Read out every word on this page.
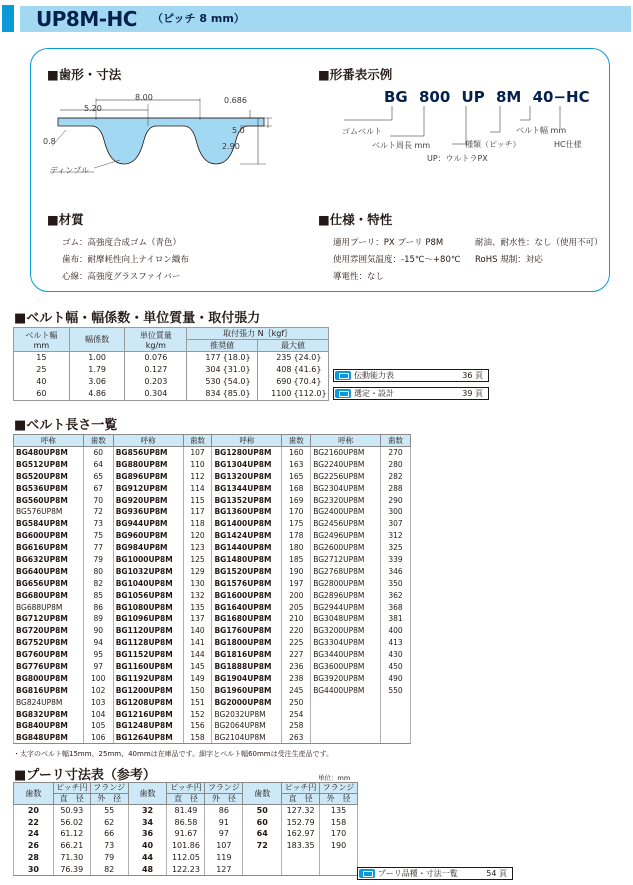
UP8M-HC （ピッチ 8 mm）
■歯形・寸法
8.00
5.20
0.686
5.0
2.90
0.8
ディンプル
■形番表示例
BG 800 UP 8M 40−HC
ゴムベルト
ベルト周長 mm
UP：ウルトラPX
種類（ピッチ）
ベルト幅 mm
HC仕様
■材質
ゴム：高強度合成ゴム（青色）
歯布：耐摩耗性向上ナイロン織布
心線：高強度グラスファイバー
■仕様・特性
適用プーリ：PX プーリ P8M
使用雰囲気温度：-15℃～+80℃
導電性：なし
耐油、耐水性：なし（使用不可）
RoHS 規制：対応
■ベルト幅・幅係数・単位質量・取付張力
ベルト幅
mm	幅係数	単位質量
kg/m	取付張力 N｛kgf｝			
			推奨値		最大値	
15	1.00	0.076	177	{18.0}	235	{24.0}
25	1.79	0.127	304	{31.0}	408	{41.6}
40	3.06	0.203	530	{54.0}	690	{70.4}
60	4.86	0.304	834	{85.0}	1100	{112.0}
伝動能力表	36 頁
選定・設計	39 頁
■ベルト長さ一覧
呼称	歯数	呼称	歯数	呼称	歯数	呼称	歯数
BG480UP8M	60	BG856UP8M	107	BG1280UP8M	160	BG2160UP8M	270
BG512UP8M	64	BG880UP8M	110	BG1304UP8M	163	BG2240UP8M	280
BG520UP8M	65	BG896UP8M	112	BG1320UP8M	165	BG2256UP8M	282
BG536UP8M	67	BG912UP8M	114	BG1344UP8M	168	BG2304UP8M	288
BG560UP8M	70	BG920UP8M	115	BG1352UP8M	169	BG2320UP8M	290
BG576UP8M	72	BG936UP8M	117	BG1360UP8M	170	BG2400UP8M	300
BG584UP8M	73	BG944UP8M	118	BG1400UP8M	175	BG2456UP8M	307
BG600UP8M	75	BG960UP8M	120	BG1424UP8M	178	BG2496UP8M	312
BG616UP8M	77	BG984UP8M	123	BG1440UP8M	180	BG2600UP8M	325
BG632UP8M	79	BG1000UP8M	125	BG1480UP8M	185	BG2712UP8M	339
BG640UP8M	80	BG1032UP8M	129	BG1520UP8M	190	BG2768UP8M	346
BG656UP8M	82	BG1040UP8M	130	BG1576UP8M	197	BG2800UP8M	350
BG680UP8M	85	BG1056UP8M	132	BG1600UP8M	200	BG2896UP8M	362
BG688UP8M	86	BG1080UP8M	135	BG1640UP8M	205	BG2944UP8M	368
BG712UP8M	89	BG1096UP8M	137	BG1680UP8M	210	BG3048UP8M	381
BG720UP8M	90	BG1120UP8M	140	BG1760UP8M	220	BG3200UP8M	400
BG752UP8M	94	BG1128UP8M	141	BG1800UP8M	225	BG3304UP8M	413
BG760UP8M	95	BG1152UP8M	144	BG1816UP8M	227	BG3440UP8M	430
BG776UP8M	97	BG1160UP8M	145	BG1888UP8M	236	BG3600UP8M	450
BG800UP8M	100	BG1192UP8M	149	BG1904UP8M	238	BG3920UP8M	490
BG816UP8M	102	BG1200UP8M	150	BG1960UP8M	245	BG4400UP8M	550
BG824UP8M	103	BG1208UP8M	151	BG2000UP8M	250		
BG832UP8M	104	BG1216UP8M	152	BG2032UP8M	254		
BG840UP8M	105	BG1248UP8M	156	BG2064UP8M	258		
BG848UP8M	106	BG1264UP8M	158	BG2104UP8M	263		
・太字のベルト幅15mm、25mm、40mmは在庫品です。細字とベルト幅60mmは受注生産品です。
■プーリ寸法表（参考）	単位：mm
歯数	ピッチ円	フランジ	歯数	ピッチ円	フランジ	歯数	ピッチ円	フランジ
	直　径	外　径		直　径	外　径		直　径	外　径
20	50.93	55	32	81.49	86	50	127.32	135
22	56.02	62	34	86.58	91	60	152.79	158
24	61.12	66	36	91.67	97	64	162.97	170
26	66.21	73	40	101.86	107	72	183.35	190
28	71.30	79	44	112.05	119			
30	76.39	82	48	122.23	127				プーリ品種・寸法一覧	54 頁
